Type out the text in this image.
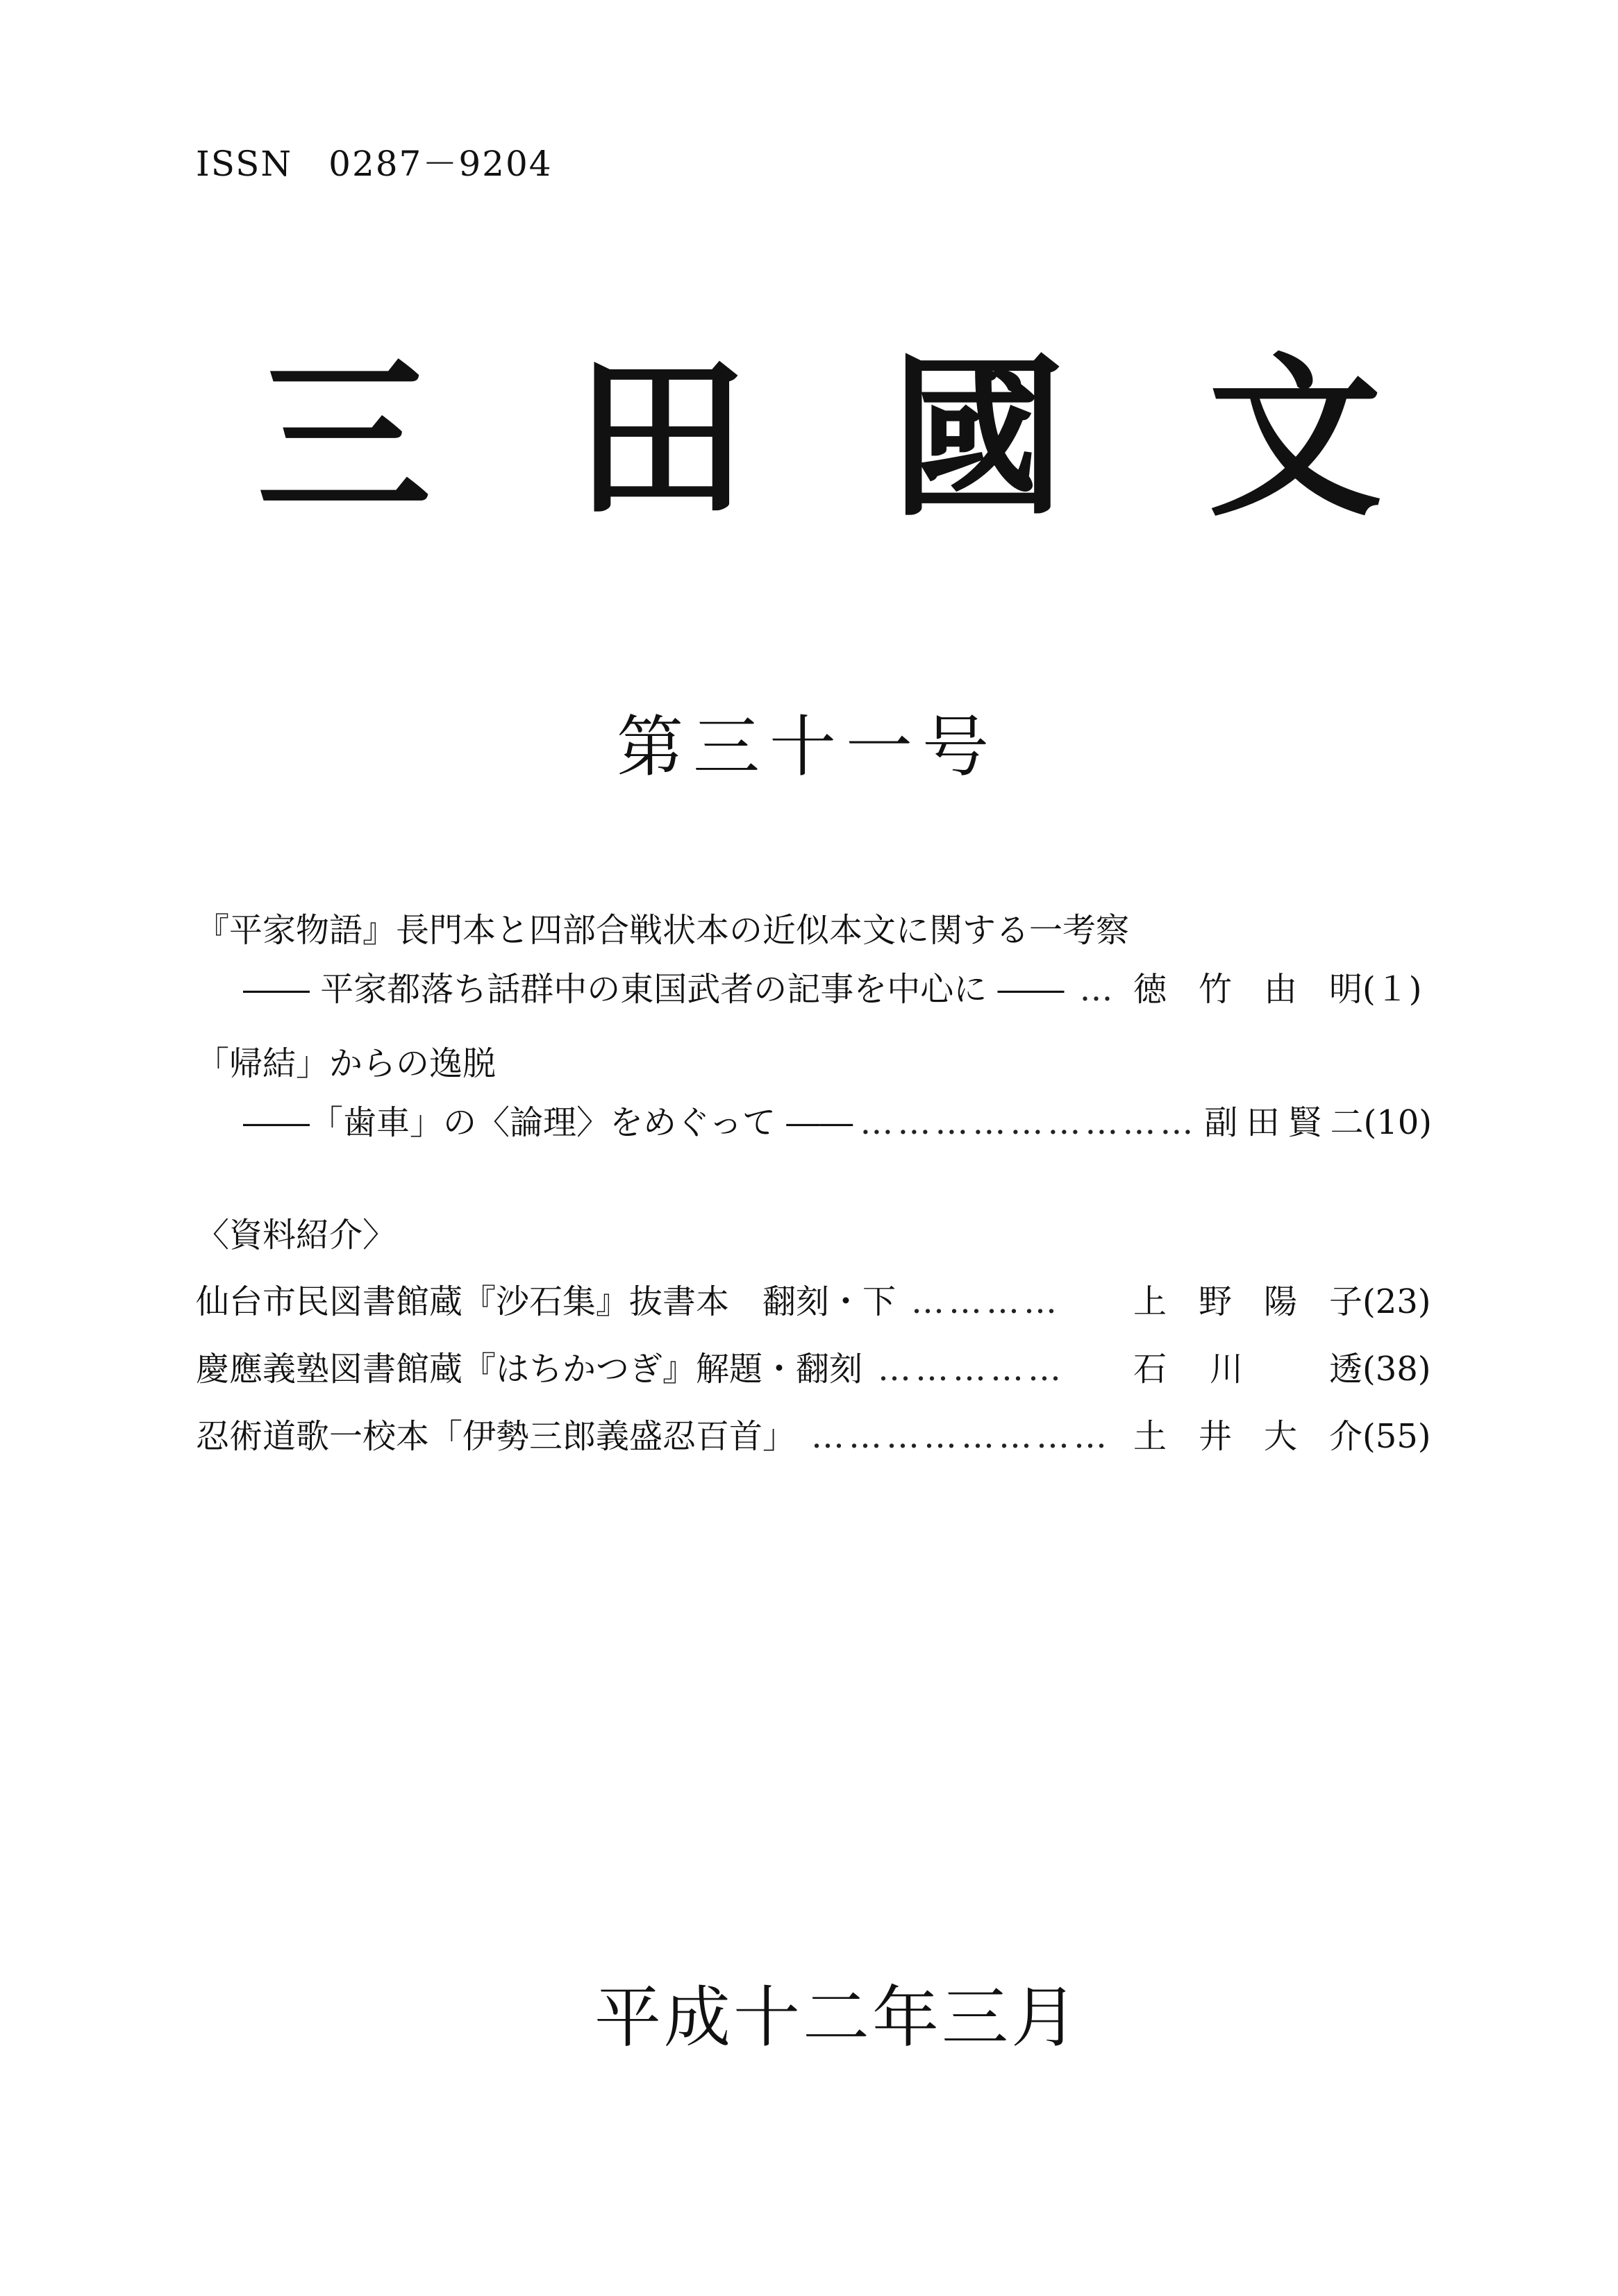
ISSN　0287－9204
三 田 國 文
第三十一号
『平家物語』長門本と四部合戦状本の近似本文に関する一考察
―― 平家都落ち話群中の東国武者の記事を中心に ―― … 徳 竹 由 明 (１)
「帰結」からの逸脱
――「歯車」の〈論理〉をめぐって ―― ……………………… 副 田 賢 二 (10)
〈資料紹介〉
仙台市民図書館蔵『沙石集』抜書本　翻刻・下 ………… 上 野 陽 子 (23)
慶應義塾図書館蔵『はちかつぎ』解題・翻刻 …………… 石 川	透 (38)
忍術道歌一校本「伊勢三郎義盛忍百首」 …………………… 土 井 大 介 (55)
平成十二年三月
